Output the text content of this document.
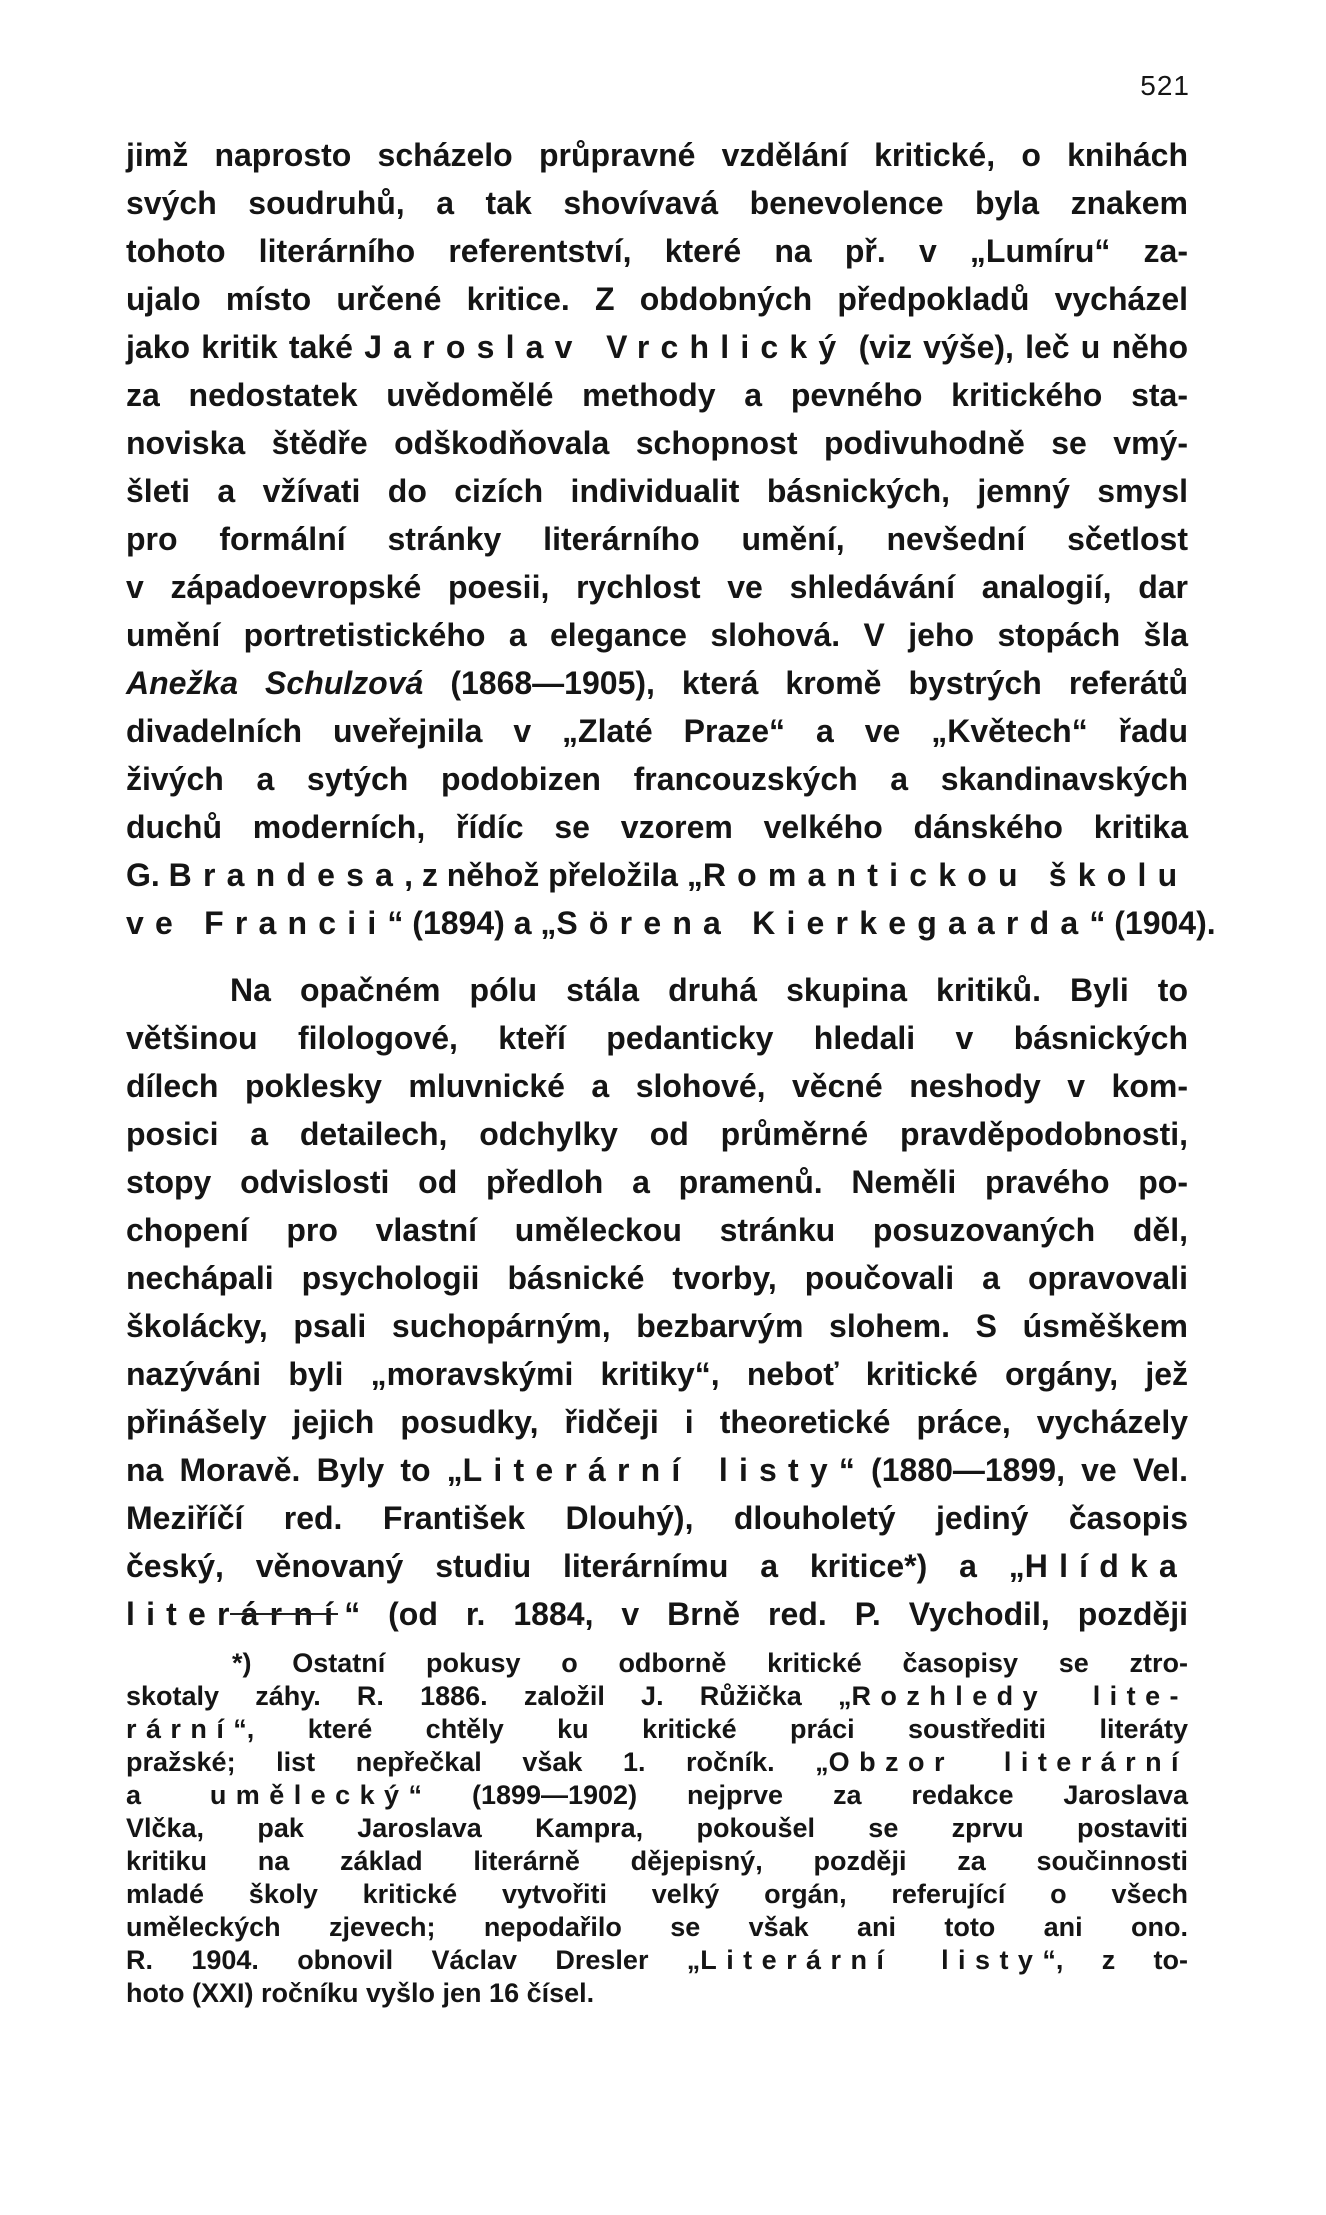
521
jimž naprosto scházelo průpravné vzdělání kritické, o knihách
svých soudruhů, a tak shovívavá benevolence byla znakem
tohoto literárního referentství, které na př. v „Lumíru“ za-
ujalo místo určené kritice. Z obdobných předpokladů vycházel
jako kritik také Jaroslav Vrchlický (viz výše), leč u něho
za nedostatek uvědomělé methody a pevného kritického sta-
noviska štědře odškodňovala schopnost podivuhodně se vmý-
šleti a vžívati do cizích individualit básnických, jemný smysl
pro formální stránky literárního umění, nevšední sčetlost
v západoevropské poesii, rychlost ve shledávání analogií, dar
umění portretistického a elegance slohová. V jeho stopách šla
Anežka Schulzová (1868—1905), která kromě bystrých referátů
divadelních uveřejnila v „Zlaté Praze“ a ve „Květech“ řadu
živých a sytých podobizen francouzských a skandinavských
duchů moderních, řídíc se vzorem velkého dánského kritika
G. Brandesa, z něhož přeložila „Romantickou školu
ve Francii“ (1894) a „Sörena Kierkegaarda“ (1904).
Na opačném pólu stála druhá skupina kritiků. Byli to
většinou filologové, kteří pedanticky hledali v básnických
dílech poklesky mluvnické a slohové, věcné neshody v kom-
posici a detailech, odchylky od průměrné pravděpodobnosti,
stopy odvislosti od předloh a pramenů. Neměli pravého po-
chopení pro vlastní uměleckou stránku posuzovaných děl,
nechápali psychologii básnické tvorby, poučovali a opravovali
školácky, psali suchopárným, bezbarvým slohem. S úsměškem
nazýváni byli „moravskými kritiky“, neboť kritické orgány, jež
přinášely jejich posudky, řidčeji i theoretické práce, vycházely
na Moravě. Byly to „Literární listy“ (1880—1899, ve Vel.
Meziříčí red. František Dlouhý), dlouholetý jediný časopis
český, věnovaný studiu literárnímu a kritice*) a „Hlídka
literární“ (od r. 1884, v Brně red. P. Vychodil, později
*) Ostatní pokusy o odborně kritické časopisy se ztro-
skotaly záhy. R. 1886. založil J. Růžička „Rozhledy lite-
rární“, které chtěly ku kritické práci soustřediti literáty
pražské; list nepřečkal však 1. ročník. „Obzor literární
a umělecký“ (1899—1902) nejprve za redakce Jaroslava
Vlčka, pak Jaroslava Kampra, pokoušel se zprvu postaviti
kritiku na základ literárně dějepisný, později za součinnosti
mladé školy kritické vytvořiti velký orgán, referující o všech
uměleckých zjevech; nepodařilo se však ani toto ani ono.
R. 1904. obnovil Václav Dresler „Literární listy“, z to-
hoto (XXI) ročníku vyšlo jen 16 čísel.
